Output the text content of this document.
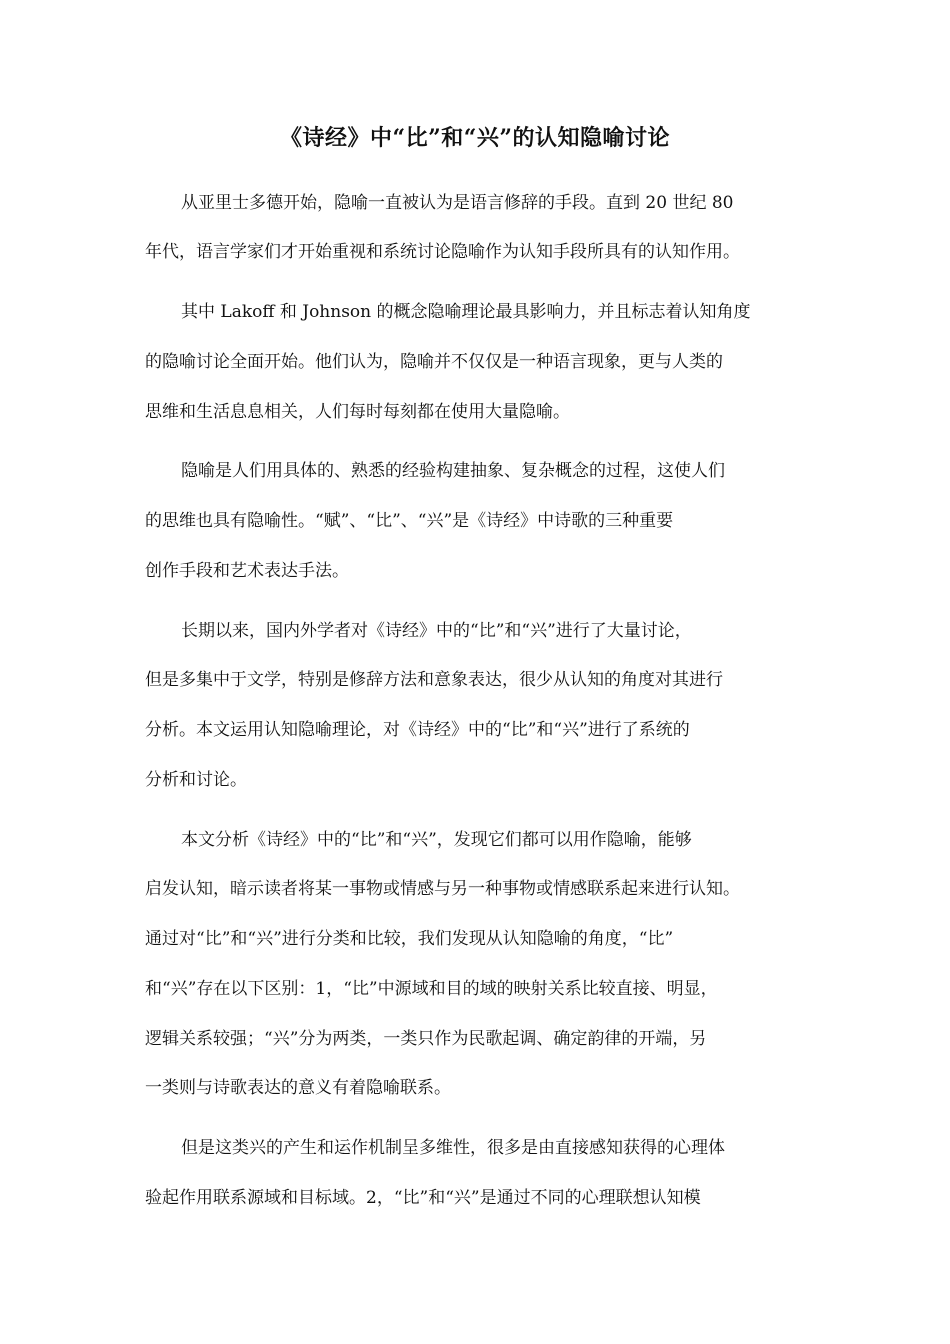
《诗经》中“比”和“兴”的认知隐喻讨论
从亚里士多德开始，隐喻一直被认为是语言修辞的手段。直到 20 世纪 80
年代，语言学家们才开始重视和系统讨论隐喻作为认知手段所具有的认知作用。
其中 Lakoff 和 Johnson 的概念隐喻理论最具影响力，并且标志着认知角度
的隐喻讨论全面开始。他们认为，隐喻并不仅仅是一种语言现象，更与人类的
思维和生活息息相关，人们每时每刻都在使用大量隐喻。
隐喻是人们用具体的、熟悉的经验构建抽象、复杂概念的过程，这使人们
的思维也具有隐喻性。“赋”、“比”、“兴”是《诗经》中诗歌的三种重要
创作手段和艺术表达手法。
长期以来，国内外学者对《诗经》中的“比”和“兴”进行了大量讨论，
但是多集中于文学，特别是修辞方法和意象表达，很少从认知的角度对其进行
分析。本文运用认知隐喻理论，对《诗经》中的“比”和“兴”进行了系统的
分析和讨论。
本文分析《诗经》中的“比”和“兴”，发现它们都可以用作隐喻，能够
启发认知，暗示读者将某一事物或情感与另一种事物或情感联系起来进行认知。
通过对“比”和“兴”进行分类和比较，我们发现从认知隐喻的角度，“比”
和“兴”存在以下区别：1，“比”中源域和目的域的映射关系比较直接、明显，
逻辑关系较强；“兴”分为两类，一类只作为民歌起调、确定韵律的开端，另
一类则与诗歌表达的意义有着隐喻联系。
但是这类兴的产生和运作机制呈多维性，很多是由直接感知获得的心理体
验起作用联系源域和目标域。2，“比”和“兴”是通过不同的心理联想认知模
